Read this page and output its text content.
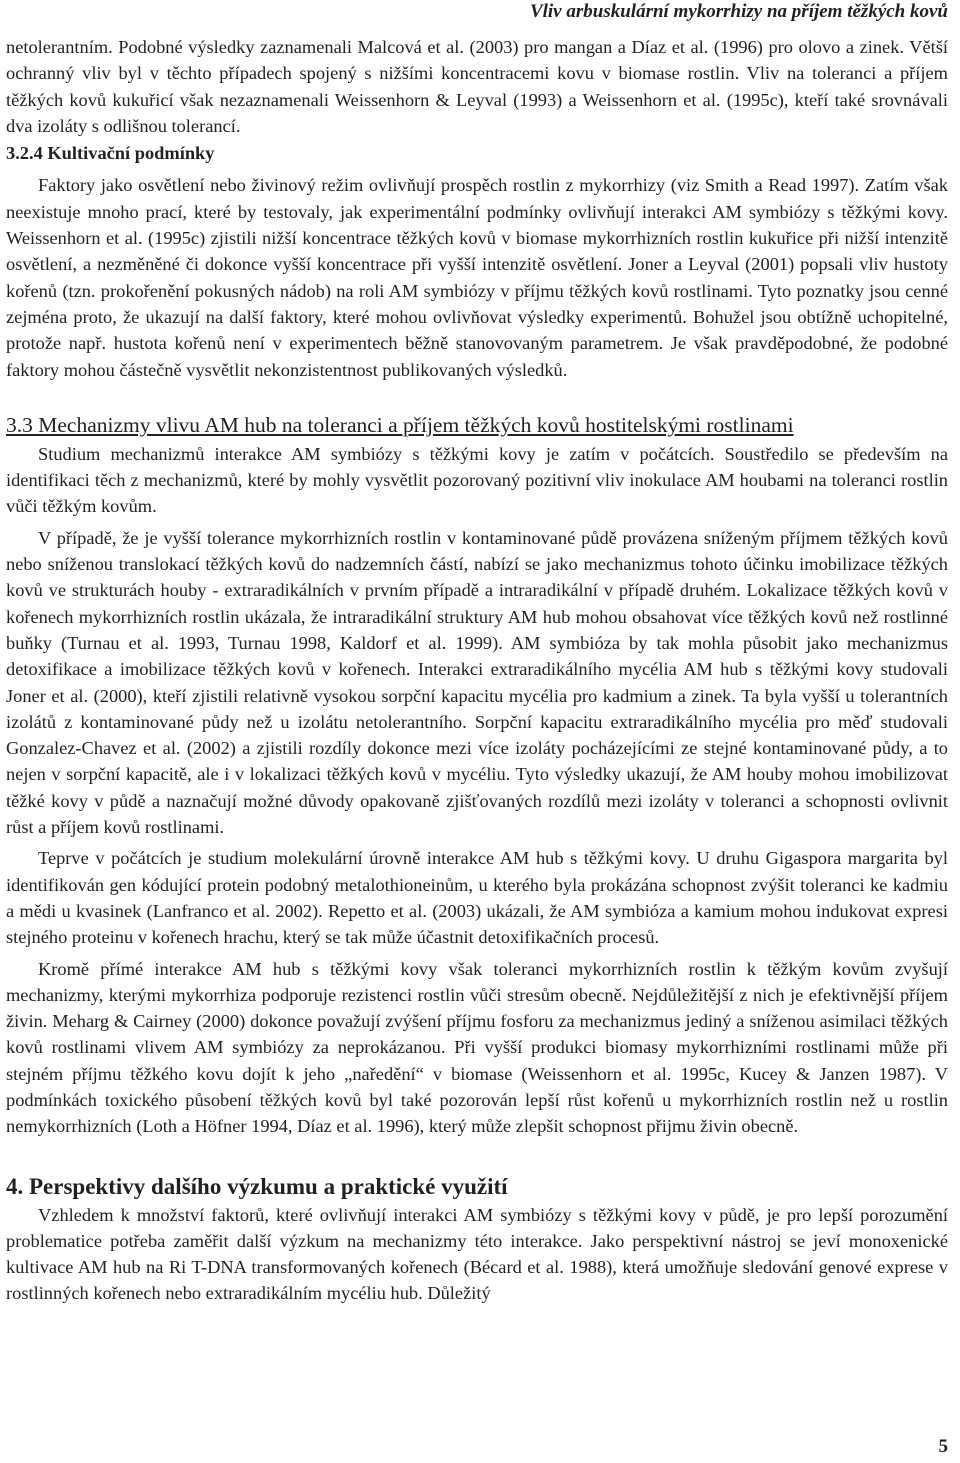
Vliv arbuskulární mykorrhizy na příjem těžkých kovů

netolerantním. Podobné výsledky zaznamenali Malcová et al. (2003) pro mangan a Díaz et al. (1996) pro olovo a zinek. Větší ochranný vliv byl v těchto případech spojený s nižšími koncentracemi kovu v biomase rostlin. Vliv na toleranci a příjem těžkých kovů kukuřicí však nezaznamenali Weissenhorn & Leyval (1993) a Weissenhorn et al. (1995c), kteří také srovnávali dva izoláty s odlišnou tolerancí.

3.2.4 Kultivační podmínky

Faktory jako osvětlení nebo živinový režim ovlivňují prospěch rostlin z mykorrhizy (viz Smith a Read 1997). Zatím však neexistuje mnoho prací, které by testovaly, jak experimentální podmínky ovlivňují interakci AM symbiózy s těžkými kovy. Weissenhorn et al. (1995c) zjistili nižší koncentrace těžkých kovů v biomase mykorrhizních rostlin kukuřice při nižší intenzitě osvětlení, a nezměněné či dokonce vyšší koncentrace při vyšší intenzitě osvětlení. Joner a Leyval (2001) popsali vliv hustoty kořenů (tzn. prokořenění pokusných nádob) na roli AM symbiózy v příjmu těžkých kovů rostlinami. Tyto poznatky jsou cenné zejména proto, že ukazují na další faktory, které mohou ovlivňovat výsledky experimentů. Bohužel jsou obtížně uchopitelné, protože např. hustota kořenů není v experimentech běžně stanovovaným parametrem. Je však pravděpodobné, že podobné faktory mohou částečně vysvětlit nekonzistentnost publikovaných výsledků.

3.3 Mechanizmy vlivu AM hub na toleranci a příjem těžkých kovů hostitelskými rostlinami

Studium mechanizmů interakce AM symbiózy s těžkými kovy je zatím v počátcích. Soustředilo se především na identifikaci těch z mechanizmů, které by mohly vysvětlit pozorovaný pozitivní vliv inokulace AM houbami na toleranci rostlin vůči těžkým kovům.

V případě, že je vyšší tolerance mykorrhizních rostlin v kontaminované půdě provázena sníženým příjmem těžkých kovů nebo sníženou translokací těžkých kovů do nadzemních částí, nabízí se jako mechanizmus tohoto účinku imobilizace těžkých kovů ve strukturách houby - extraradikálních v prvním případě a intraradikální v případě druhém. Lokalizace těžkých kovů v kořenech mykorrhizních rostlin ukázala, že intraradikální struktury AM hub mohou obsahovat více těžkých kovů než rostlinné buňky (Turnau et al. 1993, Turnau 1998, Kaldorf et al. 1999). AM symbióza by tak mohla působit jako mechanizmus detoxifikace a imobilizace těžkých kovů v kořenech. Interakci extraradikálního mycélia AM hub s těžkými kovy studovali Joner et al. (2000), kteří zjistili relativně vysokou sorpční kapacitu mycélia pro kadmium a zinek. Ta byla vyšší u tolerantních izolátů z kontaminované půdy než u izolátu netolerantního. Sorpční kapacitu extraradikálního mycélia pro měď studovali Gonzalez-Chavez et al. (2002) a zjistili rozdíly dokonce mezi více izoláty pocházejícími ze stejné kontaminované půdy, a to nejen v sorpční kapacitě, ale i v lokalizaci těžkých kovů v mycéliu. Tyto výsledky ukazují, že AM houby mohou imobilizovat těžké kovy v půdě a naznačují možné důvody opakovaně zjišťovaných rozdílů mezi izoláty v toleranci a schopnosti ovlivnit růst a příjem kovů rostlinami.

Teprve v počátcích je studium molekulární úrovně interakce AM hub s těžkými kovy. U druhu Gigaspora margarita byl identifikován gen kódující protein podobný metalothioneinům, u kterého byla prokázána schopnost zvýšit toleranci ke kadmiu a mědi u kvasinek (Lanfranco et al. 2002). Repetto et al. (2003) ukázali, že AM symbióza a kamium mohou indukovat expresi stejného proteinu v kořenech hrachu, který se tak může účastnit detoxifikačních procesů.

Kromě přímé interakce AM hub s těžkými kovy však toleranci mykorrhizních rostlin k těžkým kovům zvyšují mechanizmy, kterými mykorrhiza podporuje rezistenci rostlin vůči stresům obecně. Nejdůležitější z nich je efektivnější příjem živin. Meharg & Cairney (2000) dokonce považují zvýšení příjmu fosforu za mechanizmus jediný a sníženou asimilaci těžkých kovů rostlinami vlivem AM symbiózy za neprokázanou. Při vyšší produkci biomasy mykorrhizními rostlinami může při stejném příjmu těžkého kovu dojít k jeho „naředění“ v biomase (Weissenhorn et al. 1995c, Kucey & Janzen 1987). V podmínkách toxického působení těžkých kovů byl také pozorován lepší růst kořenů u mykorrhizních rostlin než u rostlin nemykorrhizních (Loth a Höfner 1994, Díaz et al. 1996), který může zlepšit schopnost přijmu živin obecně.

4. Perspektivy dalšího výzkumu a praktické využití

Vzhledem k množství faktorů, které ovlivňují interakci AM symbiózy s těžkými kovy v půdě, je pro lepší porozumění problematice potřeba zaměřit další výzkum na mechanizmy této interakce. Jako perspektivní nástroj se jeví monoxenické kultivace AM hub na Ri T-DNA transformovaných kořenech (Bécard et al. 1988), která umožňuje sledování genové exprese v rostlinných kořenech nebo extraradikálním mycéliu hub. Důležitý

5
